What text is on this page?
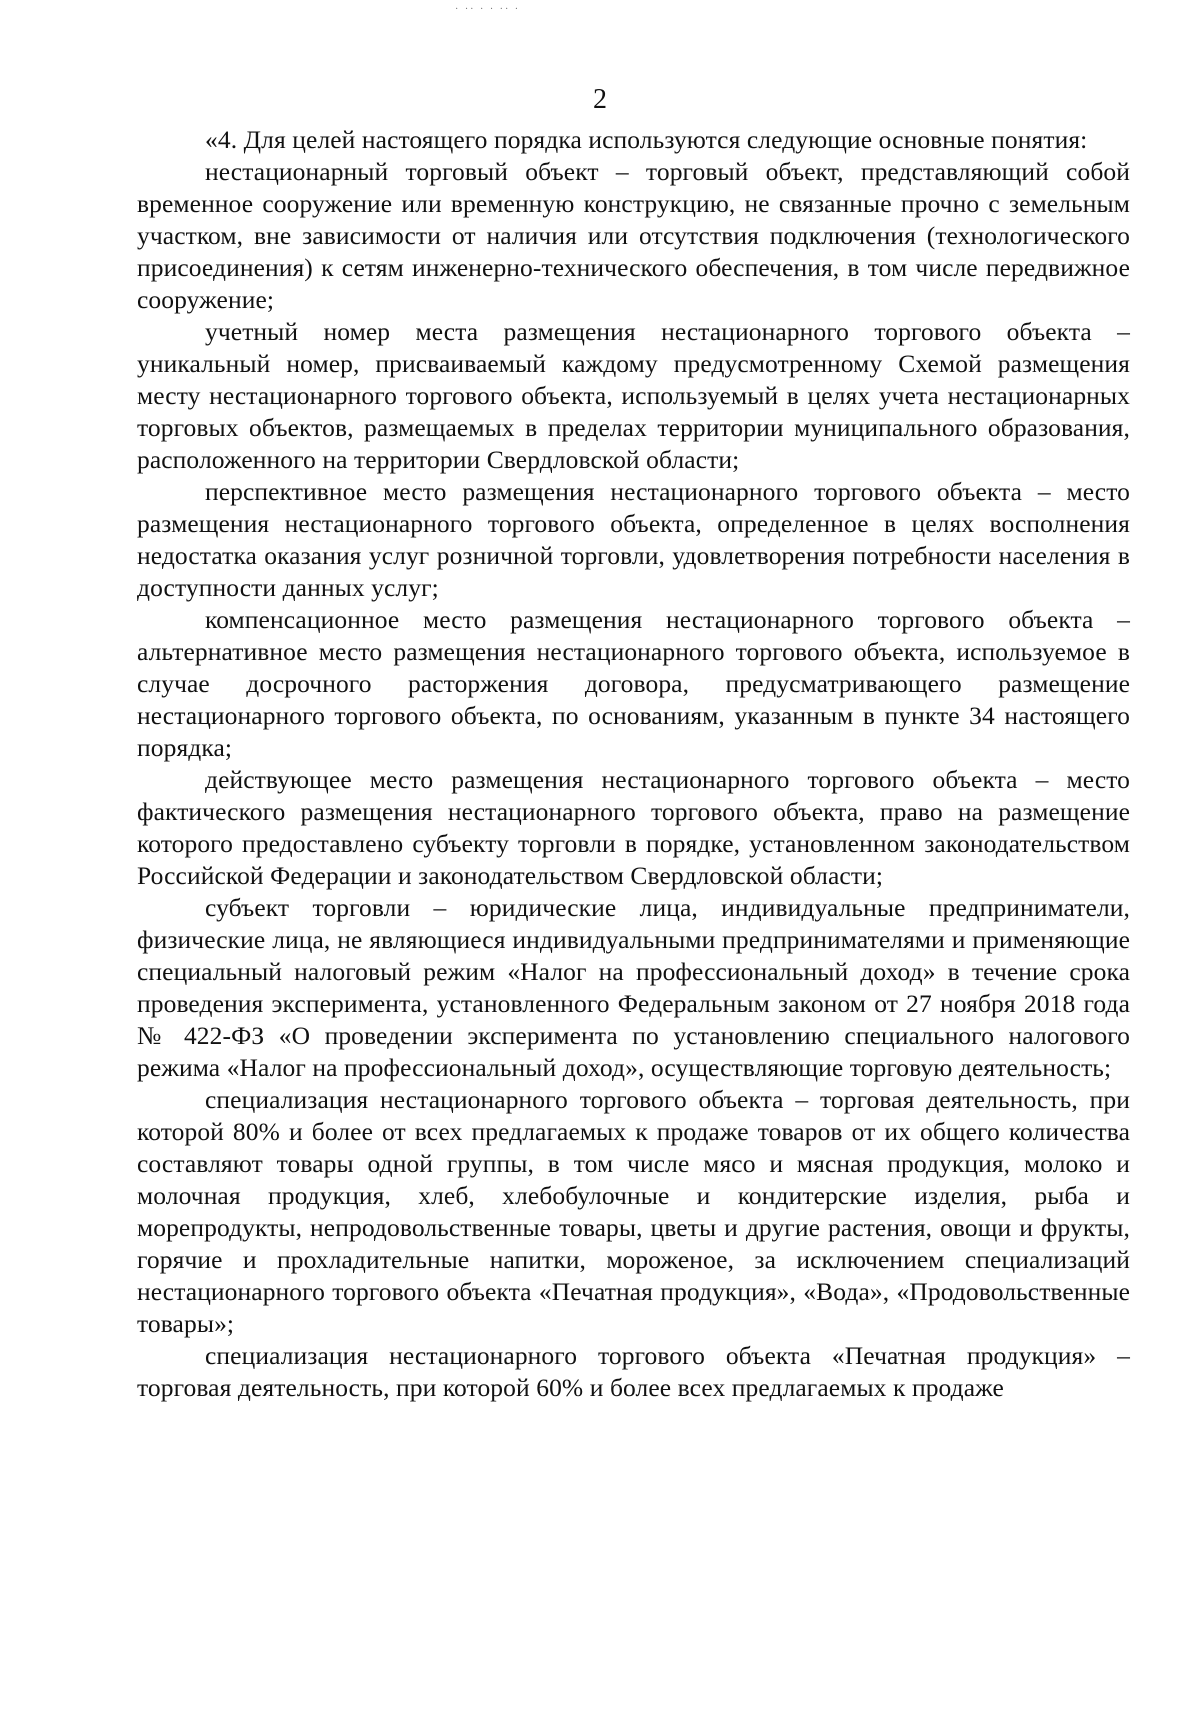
· ·· · · ·· ·
2

«4. Для целей настоящего порядка используются следующие основные понятия:

нестационарный торговый объект – торговый объект, представляющий собой временное сооружение или временную конструкцию, не связанные прочно с земельным участком, вне зависимости от наличия или отсутствия подключения (технологического присоединения) к сетям инженерно-технического обеспечения, в том числе передвижное сооружение;

учетный номер места размещения нестационарного торгового объекта – уникальный номер, присваиваемый каждому предусмотренному Схемой размещения месту нестационарного торгового объекта, используемый в целях учета нестационарных торговых объектов, размещаемых в пределах территории муниципального образования, расположенного на территории Свердловской области;

перспективное место размещения нестационарного торгового объекта – место размещения нестационарного торгового объекта, определенное в целях восполнения недостатка оказания услуг розничной торговли, удовлетворения потребности населения в доступности данных услуг;

компенсационное место размещения нестационарного торгового объекта – альтернативное место размещения нестационарного торгового объекта, используемое в случае досрочного расторжения договора, предусматривающего размещение нестационарного торгового объекта, по основаниям, указанным в пункте 34 настоящего порядка;

действующее место размещения нестационарного торгового объекта – место фактического размещения нестационарного торгового объекта, право на размещение которого предоставлено субъекту торговли в порядке, установленном законодательством Российской Федерации и законодательством Свердловской области;

субъект торговли – юридические лица, индивидуальные предприниматели, физические лица, не являющиеся индивидуальными предпринимателями и применяющие специальный налоговый режим «Налог на профессиональный доход» в течение срока проведения эксперимента, установленного Федеральным законом от 27 ноября 2018 года № 422-ФЗ «О проведении эксперимента по установлению специального налогового режима «Налог на профессиональный доход», осуществляющие торговую деятельность;

специализация нестационарного торгового объекта – торговая деятельность, при которой 80% и более от всех предлагаемых к продаже товаров от их общего количества составляют товары одной группы, в том числе мясо и мясная продукция, молоко и молочная продукция, хлеб, хлебобулочные и кондитерские изделия, рыба и морепродукты, непродовольственные товары, цветы и другие растения, овощи и фрукты, горячие и прохладительные напитки, мороженое, за исключением специализаций нестационарного торгового объекта «Печатная продукция», «Вода», «Продовольственные товары»;

специализация нестационарного торгового объекта «Печатная продукция» – торговая деятельность, при которой 60% и более всех предлагаемых к продаже
